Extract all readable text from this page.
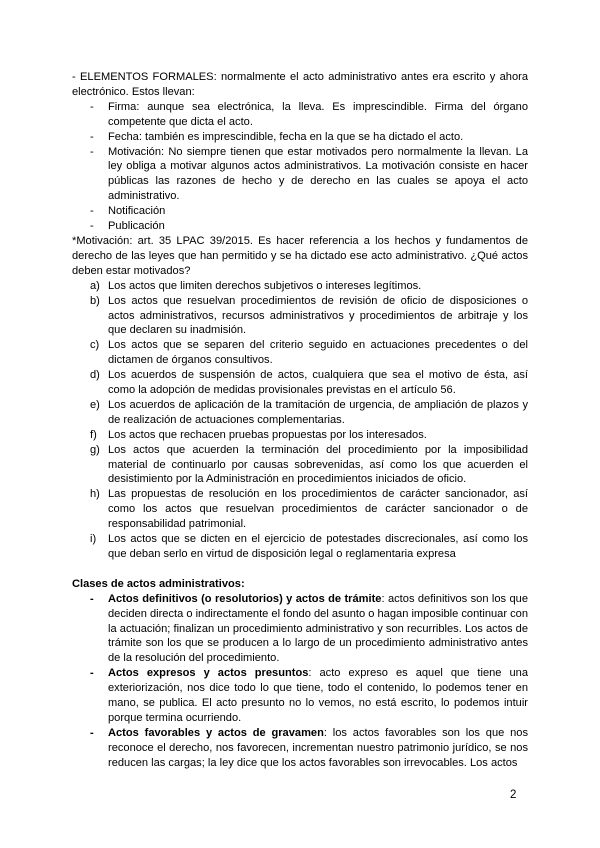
- ELEMENTOS FORMALES: normalmente el acto administrativo antes era escrito y ahora electrónico. Estos llevan:

- Firma: aunque sea electrónica, la lleva. Es imprescindible. Firma del órgano competente que dicta el acto.
- Fecha: también es imprescindible, fecha en la que se ha dictado el acto.
- Motivación: No siempre tienen que estar motivados pero normalmente la llevan. La ley obliga a motivar algunos actos administrativos. La motivación consiste en hacer públicas las razones de hecho y de derecho en las cuales se apoya el acto administrativo.
- Notificación
- Publicación

*Motivación: art. 35 LPAC 39/2015. Es hacer referencia a los hechos y fundamentos de derecho de las leyes que han permitido y se ha dictado ese acto administrativo. ¿Qué actos deben estar motivados?

a) Los actos que limiten derechos subjetivos o intereses legítimos.
b) Los actos que resuelvan procedimientos de revisión de oficio de disposiciones o actos administrativos, recursos administrativos y procedimientos de arbitraje y los que declaren su inadmisión.
c) Los actos que se separen del criterio seguido en actuaciones precedentes o del dictamen de órganos consultivos.
d) Los acuerdos de suspensión de actos, cualquiera que sea el motivo de ésta, así como la adopción de medidas provisionales previstas en el artículo 56.
e) Los acuerdos de aplicación de la tramitación de urgencia, de ampliación de plazos y de realización de actuaciones complementarias.
f) Los actos que rechacen pruebas propuestas por los interesados.
g) Los actos que acuerden la terminación del procedimiento por la imposibilidad material de continuarlo por causas sobrevenidas, así como los que acuerden el desistimiento por la Administración en procedimientos iniciados de oficio.
h) Las propuestas de resolución en los procedimientos de carácter sancionador, así como los actos que resuelvan procedimientos de carácter sancionador o de responsabilidad patrimonial.
i) Los actos que se dicten en el ejercicio de potestades discrecionales, así como los que deban serlo en virtud de disposición legal o reglamentaria expresa

Clases de actos administrativos:

- Actos definitivos (o resolutorios) y actos de trámite: actos definitivos son los que deciden directa o indirectamente el fondo del asunto o hagan imposible continuar con la actuación; finalizan un procedimiento administrativo y son recurribles. Los actos de trámite son los que se producen a lo largo de un procedimiento administrativo antes de la resolución del procedimiento.
- Actos expresos y actos presuntos: acto expreso es aquel que tiene una exteriorización, nos dice todo lo que tiene, todo el contenido, lo podemos tener en mano, se publica. El acto presunto no lo vemos, no está escrito, lo podemos intuir porque termina ocurriendo.
- Actos favorables y actos de gravamen: los actos favorables son los que nos reconoce el derecho, nos favorecen, incrementan nuestro patrimonio jurídico, se nos reducen las cargas; la ley dice que los actos favorables son irrevocables. Los actos
2
